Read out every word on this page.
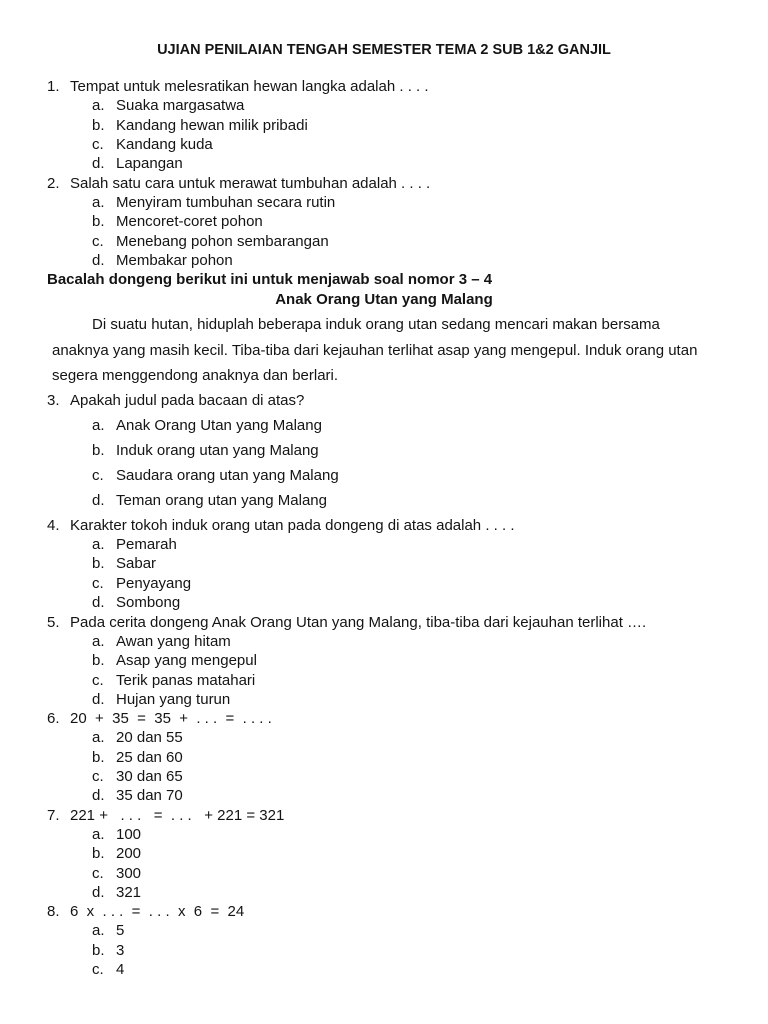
UJIAN PENILAIAN TENGAH SEMESTER TEMA 2 SUB 1&2 GANJIL
1. Tempat untuk melesratikan hewan langka adalah . . . .
a. Suaka margasatwa
b. Kandang hewan milik pribadi
c. Kandang kuda
d. Lapangan
2. Salah satu cara untuk merawat tumbuhan adalah . . . .
a. Menyiram tumbuhan secara rutin
b. Mencoret-coret pohon
c. Menebang pohon sembarangan
d. Membakar pohon
Bacalah dongeng berikut ini untuk menjawab soal nomor 3 – 4
Anak Orang Utan yang Malang
Di suatu hutan, hiduplah beberapa induk orang utan sedang mencari makan bersama
anaknya yang masih kecil. Tiba-tiba dari kejauhan terlihat asap yang mengepul. Induk orang utan
segera menggendong anaknya dan berlari.
3. Apakah judul pada bacaan di atas?
a. Anak Orang Utan yang Malang
b. Induk orang utan yang Malang
c. Saudara orang utan yang Malang
d. Teman orang utan yang Malang
4. Karakter tokoh induk orang utan pada dongeng di atas adalah . . . .
a. Pemarah
b. Sabar
c. Penyayang
d. Sombong
5. Pada cerita dongeng Anak Orang Utan yang Malang, tiba-tiba dari kejauhan terlihat ….
a. Awan yang hitam
b. Asap yang mengepul
c. Terik panas matahari
d. Hujan yang turun
6. 20  +  35  =  35  +  . . .  =  . . . .
a. 20 dan 55
b. 25 dan 60
c. 30 dan 65
d. 35 dan 70
7. 221 +   . . .   =  . . .   + 221 = 321
a. 100
b. 200
c. 300
d. 321
8. 6  x  . . .  =  . . .  x  6  =  24
a. 5
b. 3
c. 4
